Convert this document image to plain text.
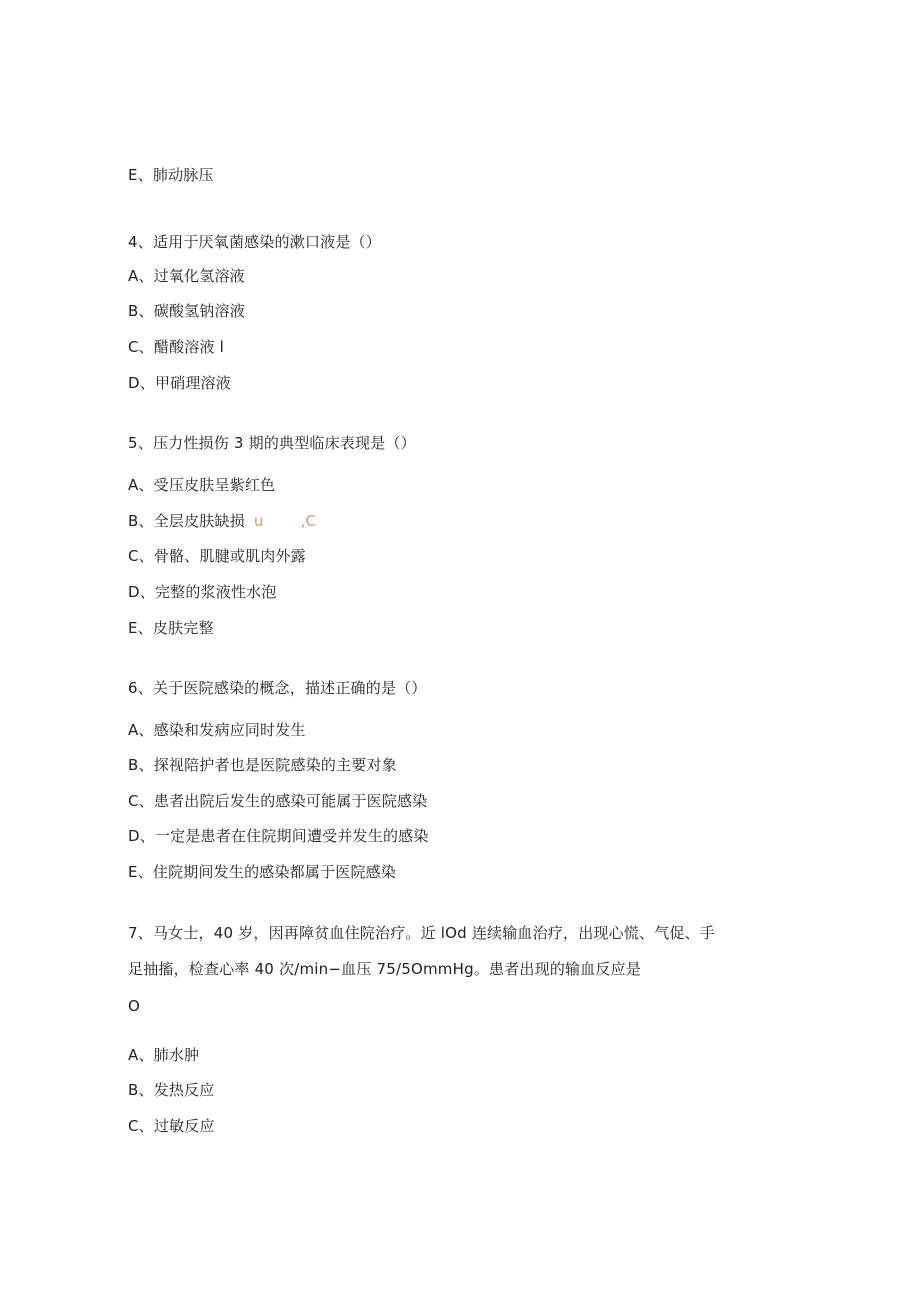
E、肺动脉压
4、适用于厌氧菌感染的漱口液是（）
A、过氧化氢溶液
B、碳酸氢钠溶液
C、醋酸溶液 l
D、甲硝理溶液
5、压力性损伤 3 期的典型临床表现是（）
A、受压皮肤呈紫红色
B、全层皮肤缺损 u ,C
C、骨骼、肌腱或肌肉外露
D、完整的浆液性水泡
E、皮肤完整
6、关于医院感染的概念，描述正确的是（）
A、感染和发病应同时发生
B、探视陪护者也是医院感染的主要对象
C、患者出院后发生的感染可能属于医院感染
D、一定是患者在住院期间遭受并发生的感染
E、住院期间发生的感染都属于医院感染
7、马女士，40 岁，因再障贫血住院治疗。近 lOd 连续输血治疗，出现心慌、气促、手
足抽搐，检查心率 40 次/min−血压 75/5OmmHg。患者出现的输血反应是
O
A、肺水肿
B、发热反应
C、过敏反应
